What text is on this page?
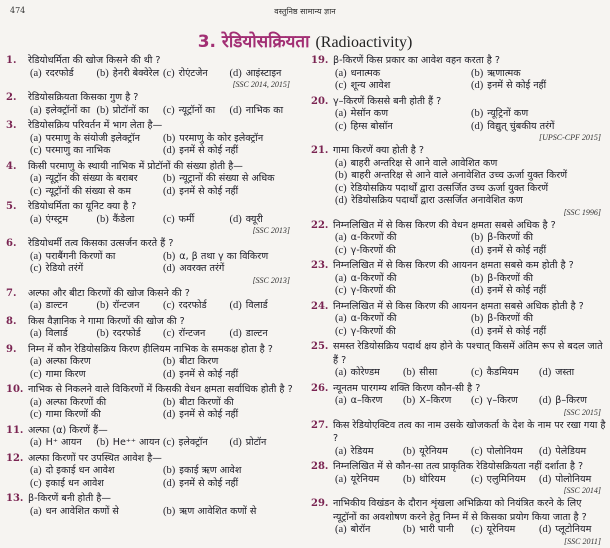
474	वस्तुनिष्ठ सामान्य ज्ञान
3. रेडियोसक्रियता (Radioactivity)
1.	रेडियोधर्मिता की खोज किसने की थी ?
(a) रदरफोर्ड	(b) हेनरी बेक्वेरेल (c) रोएंटजेन	(d) आइंस्टाइन
[SSC 2014, 2015]
2.	रेडियोसक्रियता किसका गुण है ?
(a) इलेक्ट्रॉनों का (b) प्रोटॉनों का	(c) न्यूट्रॉनों का	(d) नाभिक का
3.	रेडियोसक्रिय परिवर्तन में भाग लेता है—
(a) परमाणु के संयोजी इलेक्ट्रॉन	(b) परमाणु के कोर इलेक्ट्रॉन
(c) परमाणु का नाभिक	(d) इनमें से कोई नहीं
4.	किसी परमाणु के स्थायी नाभिक में प्रोटॉनों की संख्या होती है—
(a) न्यूट्रॉन की संख्या के बराबर	(b) न्यूट्रानों की संख्या से अधिक
(c) न्यूट्रॉनों की संख्या से कम	(d) इनमें से कोई नहीं
5.	रेडियोधर्मिता का यूनिट क्या है ?
(a) एंग्स्ट्रम	(b) कैंडेला	(c) फर्मी	(d) क्यूरी
[SSC 2013]
6.	रेडियोधर्मी तत्व किसका उत्सर्जन करते हैं ?
(a) पराबैंगनी किरणों का	(b) α, β तथा γ का विकिरण
(c) रेडियो तरंगें	(d) अवरक्त तरंगें
[SSC 2013]
7.	अल्फा और बीटा किरणों की खोज किसने की ?
(a) डाल्टन	(b) रॉन्टजन	(c) रदरफोर्ड	(d) विलार्ड
8.	किस वैज्ञानिक ने गामा किरणों की खोज की ?
(a) विलार्ड	(b) रदरफोर्ड	(c) रॉन्टजन	(d) डाल्टन
9.	निम्न में कौन रेडियोसक्रिय किरण हीलियम नाभिक के समकक्ष होता है ?
(a) अल्फा किरण	(b) बीटा किरण
(c) गामा किरण	(d) इनमें से कोई नहीं
10. नाभिक से निकलने वाले विकिरणों में किसकी वेधन क्षमता सर्वाधिक होती है ?
(a) अल्फा किरणों की	(b) बीटा किरणों की
(c) गामा किरणों की	(d) इनमें से कोई नहीं
11. अल्फा (α) किरणें हैं—
(a) H⁺ आयन	(b) He⁺⁺ आयन (c) इलेक्ट्रॉन	(d) प्रोटॉन
12. अल्फा किरणों पर उपस्थित आवेश है—
(a) दो इकाई धन आवेश	(b) इकाई ऋण आवेश
(c) इकाई धन आवेश	(d) इनमें से कोई नहीं
13. β-किरणें बनी होती है—
(a) धन आवेशित कणों से	(b) ऋण आवेशित कणों से
19. β-किरणें किस प्रकार का आवेश वहन करता है ?
(a) धनात्मक	(b) ऋणात्मक
(c) शून्य आवेश	(d) इनमें से कोई नहीं
20. γ–किरणें किससे बनी होती हैं ?
(a) मेसॉन कण	(b) न्यूट्रिनों कण
(c) हिग्स बोसॉन	(d) विद्युत् चुंबकीय तरंगें
[UPSC-CPF 2015]
21. गामा किरणें क्या होती है ?
(a) बाहरी अन्तरिक्ष से आने वाले आवेशित कण
(b) बाहरी अन्तरिक्ष से आने वाले अनावेशित उच्च ऊर्जा युक्त किरणें
(c) रेडियोसक्रिय पदार्थों द्वारा उत्सर्जित उच्च ऊर्जा युक्त किरणें
(d) रेडियोसक्रिय पदार्थों द्वारा उत्सर्जित अनावेशित कण
[SSC 1996]
22. निम्नलिखित में से किस किरण की वेधन क्षमता सबसे अधिक है ?
(a) α-किरणों की	(b) β-किरणों की
(c) γ-किरणों की	(d) इनमें से कोई नहीं
23. निम्नलिखित में से किस किरण की आयनन क्षमता सबसे कम होती है ?
(a) α-किरणों की	(b) β-किरणों की
(c) γ-किरणों की	(d) इनमें से कोई नहीं
24. निम्नलिखित में से किस किरण की आयनन क्षमता सबसे अधिक होती है ?
(a) α-किरणों की	(b) β-किरणों की
(c) γ-किरणों की	(d) इनमें से कोई नहीं
25. समस्त रेडियोसक्रिय पदार्थ क्षय होने के पश्चात् किसमें अंतिम रूप से बदल जाते हैं ?
(a) कोरेण्डम	(b) सीसा	(c) कैडमियम	(d) जस्ता
26. न्यूनतम पारगम्य शक्ति किरण कौन-सी है ?
(a) α–किरण	(b) X–किरण	(c) γ–किरण	(d) β–किरण
[SSC 2015]
27. किस रेडियोएक्टिव तत्व का नाम उसके खोजकर्ता के देश के नाम पर रखा गया है ?
(a) रेडियम	(b) यूरेनियम	(c) पोलोनियम	(d) पेलेडियम
28. निम्नलिखित में से कौन-सा तत्व प्राकृतिक रेडियोसक्रियता नहीं दर्शाता है ?
(a) यूरेनियम	(b) थोरियम	(c) एलुमिनियम	(d) पोलोनियम
[SSC 2014]
29. नाभिकीय विखंडन के दौरान शृंखला अभिक्रिया को नियंत्रित करने के लिए न्यूट्रॉनों का अवशोषण करने हेतु निम्न में से किसका प्रयोग किया जाता है ?
(a) बोरॉन	(b) भारी पानी	(c) यूरेनियम	(d) प्लूटोनियम
[SSC 2011]
